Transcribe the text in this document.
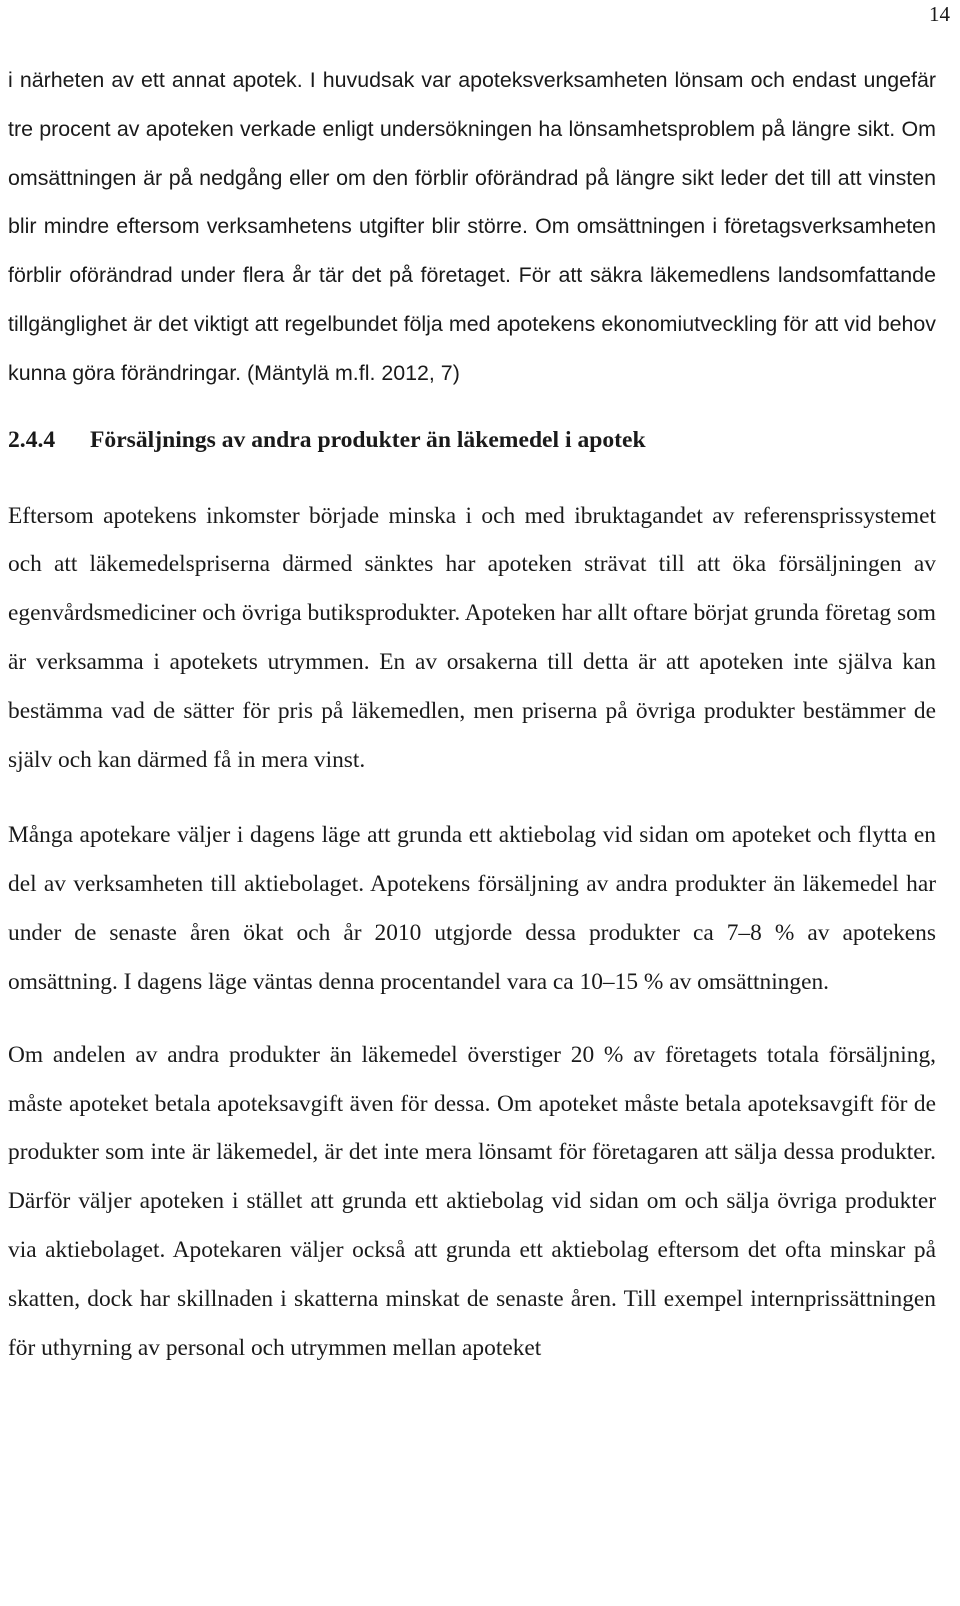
14

i närheten av ett annat apotek. I huvudsak var apoteksverksamheten lönsam och endast ungefär tre procent av apoteken verkade enligt undersökningen ha lönsamhetsproblem på längre sikt. Om omsättningen är på nedgång eller om den förblir oförändrad på längre sikt leder det till att vinsten blir mindre eftersom verksamhetens utgifter blir större. Om omsättningen i företagsverksamheten förblir oförändrad under flera år tär det på företaget. För att säkra läkemedlens landsomfattande tillgänglighet är det viktigt att regelbundet följa med apotekens ekonomiutveckling för att vid behov kunna göra förändringar. (Mäntylä m.fl. 2012, 7)

2.4.4 Försäljnings av andra produkter än läkemedel i apotek

Eftersom apotekens inkomster började minska i och med ibruktagandet av referensprissystemet och att läkemedelspriserna därmed sänktes har apoteken strävat till att öka försäljningen av egenvårdsmediciner och övriga butiksprodukter. Apoteken har allt oftare börjat grunda företag som är verksamma i apotekets utrymmen. En av orsakerna till detta är att apoteken inte själva kan bestämma vad de sätter för pris på läkemedlen, men priserna på övriga produkter bestämmer de själv och kan därmed få in mera vinst.

Många apotekare väljer i dagens läge att grunda ett aktiebolag vid sidan om apoteket och flytta en del av verksamheten till aktiebolaget. Apotekens försäljning av andra produkter än läkemedel har under de senaste åren ökat och år 2010 utgjorde dessa produkter ca 7–8 % av apotekens omsättning. I dagens läge väntas denna procentandel vara ca 10–15 % av omsättningen.

Om andelen av andra produkter än läkemedel överstiger 20 % av företagets totala försäljning, måste apoteket betala apoteksavgift även för dessa. Om apoteket måste betala apoteksavgift för de produkter som inte är läkemedel, är det inte mera lönsamt för företagaren att sälja dessa produkter. Därför väljer apoteken i stället att grunda ett aktiebolag vid sidan om och sälja övriga produkter via aktiebolaget. Apotekaren väljer också att grunda ett aktiebolag eftersom det ofta minskar på skatten, dock har skillnaden i skatterna minskat de senaste åren. Till exempel internprissättningen för uthyrning av personal och utrymmen mellan apoteket
